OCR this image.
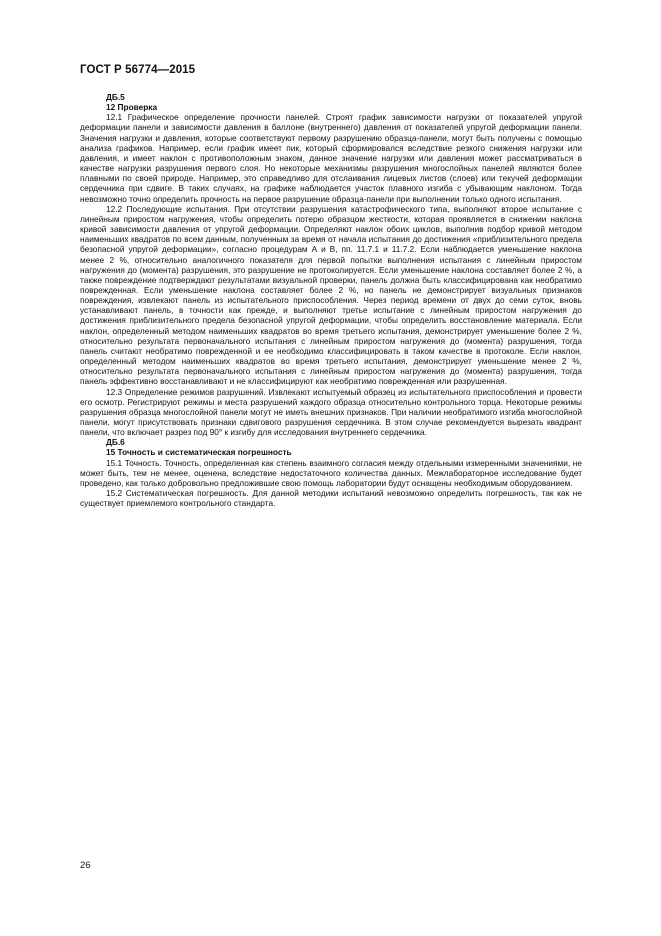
ГОСТ Р 56774—2015

ДБ.5

12 Проверка

12.1 Графическое определение прочности панелей. Строят график зависимости нагрузки от показателей упругой деформации панели и зависимости давления в баллоне (внутреннего) давления от показателей упругой деформации панели. Значения нагрузки и давления, которые соответствуют первому разрушению образца-панели, могут быть получены с помощью анализа графиков. Например, если график имеет пик, который сформировался вследствие резкого снижения нагрузки или давления, и имеет наклон с противоположным знаком, данное значение нагрузки или давления может рассматриваться в качестве нагрузки разрушения первого слоя. Но некоторые механизмы разрушения многослойных панелей являются более плавными по своей природе. Например, это справедливо для отслаивания лицевых листов (слоев) или текучей деформации сердечника при сдвиге. В таких случаях, на графике наблюдается участок плавного изгиба с убывающим наклоном. Тогда невозможно точно определить прочность на первое разрушение образца-панели при выполнении только одного испытания.

12.2 Последующие испытания. При отсутствии разрушения катастрофического типа, выполняют второе испытание с линейным приростом нагружения, чтобы определить потерю образцом жесткости, которая проявляется в снижении наклона кривой зависимости давления от упругой деформации. Определяют наклон обоих циклов, выполнив подбор кривой методом наименьших квадратов по всем данным, полученным за время от начала испытания до достижения «приблизительного предела безопасной упругой деформации», согласно процедурам А и В, пп. 11.7.1 и 11.7.2. Если наблюдается уменьшение наклона менее 2 %, относительно аналогичного показателя для первой попытки выполнения испытания с линейным приростом нагружения до (момента) разрушения, это разрушение не протоколируется. Если уменьшение наклона составляет более 2 %, а также повреждение подтверждают результатами визуальной проверки, панель должна быть классифицирована как необратимо поврежденная. Если уменьшение наклона составляет более 2 %, но панель не демонстрирует визуальных признаков повреждения, извлекают панель из испытательного приспособления. Через период времени от двух до семи суток, вновь устанавливают панель, в точности как прежде, и выполняют третье испытание с линейным приростом нагружения до достижения приблизительного предела безопасной упругой деформации, чтобы определить восстановление материала. Если наклон, определенный методом наименьших квадратов во время третьего испытания, демонстрирует уменьшение более 2 %, относительно результата первоначального испытания с линейным приростом нагружения до (момента) разрушения, тогда панель считают необратимо поврежденной и ее необходимо классифицировать в таком качестве в протоколе. Если наклон, определенный методом наименьших квадратов во время третьего испытания, демонстрирует уменьшение менее 2 %, относительно результата первоначального испытания с линейным приростом нагружения до (момента) разрушения, тогда панель эффективно восстанавливают и не классифицируют как необратимо поврежденная или разрушенная.

12.3 Определение режимов разрушений. Извлекают испытуемый образец из испытательного приспособления и провести его осмотр. Регистрируют режимы и места разрушений каждого образца относительно контрольного торца. Некоторые режимы разрушения образца многослойной панели могут не иметь внешних признаков. При наличии необратимого изгиба многослойной панели, могут присутствовать признаки сдвигового разрушения сердечника. В этом случае рекомендуется вырезать квадрант панели, что включает разрез под 90° к изгибу для исследования внутреннего сердечника.

ДБ.6

15 Точность и систематическая погрешность

15.1 Точность. Точность, определенная как степень взаимного согласия между отдельными измеренными значениями, не может быть, тем не менее, оценена, вследствие недостаточного количества данных. Межлабораторное исследование будет проведено, как только добровольно предложившие свою помощь лаборатории будут оснащены необходимым оборудованием.

15.2 Систематическая погрешность. Для данной методики испытаний невозможно определить погрешность, так как не существует приемлемого контрольного стандарта.

26
